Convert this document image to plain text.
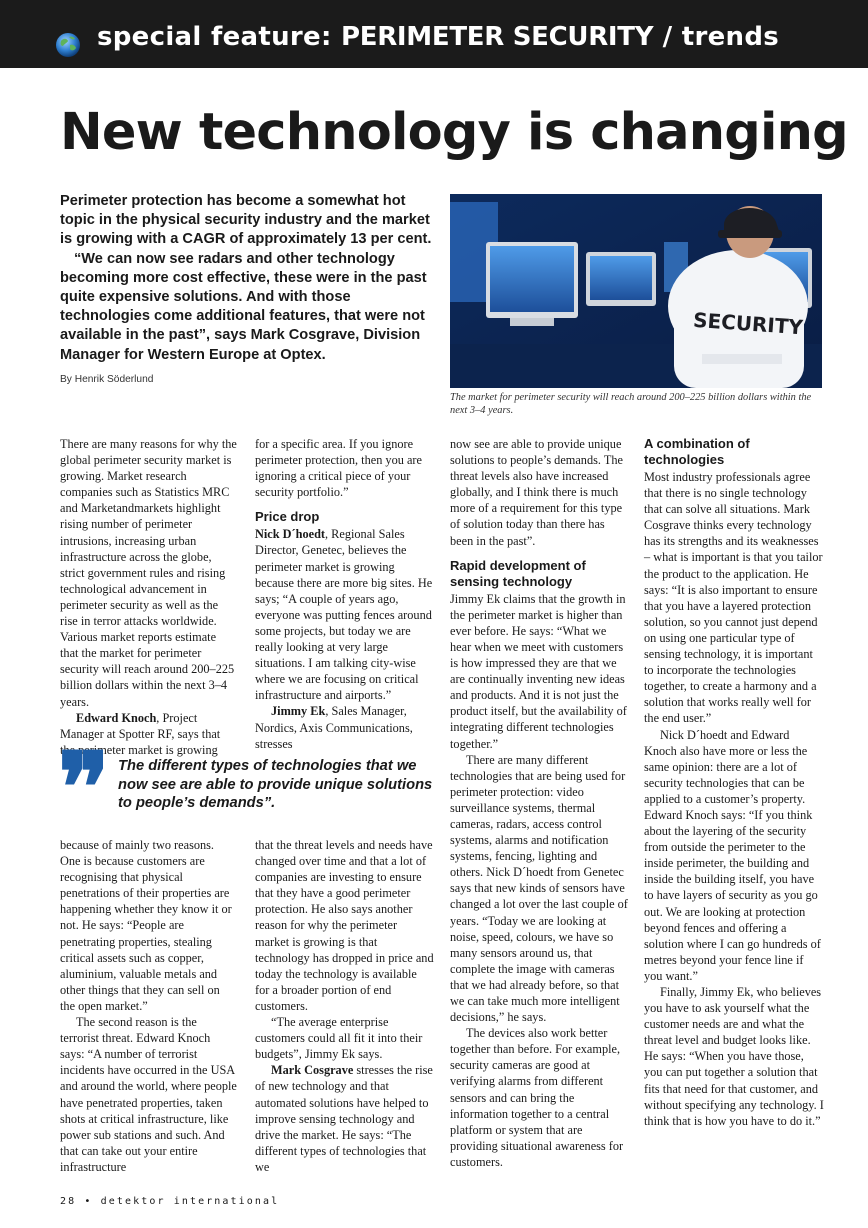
special feature: PERIMETER SECURITY / trends
New technology is changing

Perimeter protection has become a somewhat hot topic in the physical security industry and the market is growing with a CAGR of approximately 13 per cent.

“We can now see radars and other technology becoming more cost effective, these were in the past quite expensive solutions. And with those technologies come additional features, that were not available in the past”, says Mark Cosgrave, Division Manager for Western Europe at Optex.

By Henrik Söderlund
SECURITY
The market for perimeter security will reach around 200–225 billion dollars within the next 3–4 years.

There are many reasons for why the global perimeter security market is growing. Market research companies such as Statistics MRC and Marketandmarkets highlight rising number of perimeter intrusions, increasing urban infrastructure across the globe, strict government rules and rising technological advancement in perimeter security as well as the rise in terror attacks worldwide. Various market reports estimate that the market for perimeter security will reach around 200–225 billion dollars within the next 3–4 years.

Edward Knoch, Project Manager at Spotter RF, says that the perimeter market is growing

for a specific area. If you ignore perimeter protection, then you are ignoring a critical piece of your security portfolio.”

Price drop

Nick D´hoedt, Regional Sales Director, Genetec, believes the perimeter market is growing because there are more big sites. He says; “A couple of years ago, everyone was putting fences around some projects, but today we are really looking at very large situations. I am talking city-wise where we are focusing on critical infrastructure and airports.”

Jimmy Ek, Sales Manager, Nordics, Axis Communications, stresses

❞ The different types of technologies that we now see are able to provide unique solutions to people’s demands”.

because of mainly two reasons. One is because customers are recognising that physical penetrations of their properties are happening whether they know it or not. He says: “People are penetrating properties, stealing critical assets such as copper, aluminium, valuable metals and other things that they can sell on the open market.”

The second reason is the terrorist threat. Edward Knoch says: “A number of terrorist incidents have occurred in the USA and around the world, where people have penetrated properties, taken shots at critical infrastructure, like power sub stations and such. And that can take out your entire infrastructure

that the threat levels and needs have changed over time and that a lot of companies are investing to ensure that they have a good perimeter protection. He also says another reason for why the perimeter market is growing is that technology has dropped in price and today the technology is available for a broader portion of end customers.

“The average enterprise customers could all fit it into their budgets”, Jimmy Ek says.

Mark Cosgrave stresses the rise of new technology and that automated solutions have helped to improve sensing technology and drive the market. He says: “The different types of technologies that we

now see are able to provide unique solutions to people’s demands. The threat levels also have increased globally, and I think there is much more of a requirement for this type of solution today than there has been in the past”.

Rapid development of sensing technology

Jimmy Ek claims that the growth in the perimeter market is higher than ever before. He says: “What we hear when we meet with customers is how impressed they are that we are continually inventing new ideas and products. And it is not just the product itself, but the availability of integrating different technologies together.”

There are many different technologies that are being used for perimeter protection: video surveillance systems, thermal cameras, radars, access control systems, alarms and notification systems, fencing, lighting and others. Nick D´hoedt from Genetec says that new kinds of sensors have changed a lot over the last couple of years. “Today we are looking at noise, speed, colours, we have so many sensors around us, that complete the image with cameras that we had already before, so that we can take much more intelligent decisions,” he says.

The devices also work better together than before. For example, security cameras are good at verifying alarms from different sensors and can bring the information together to a central platform or system that are providing situational awareness for customers.

A combination of technologies

Most industry professionals agree that there is no single technology that can solve all situations. Mark Cosgrave thinks every technology has its strengths and its weaknesses – what is important is that you tailor the product to the application. He says: “It is also important to ensure that you have a layered protection solution, so you cannot just depend on using one particular type of sensing technology, it is important to incorporate the technologies together, to create a harmony and a solution that works really well for the end user.”

Nick D´hoedt and Edward Knoch also have more or less the same opinion: there are a lot of security technologies that can be applied to a customer’s property. Edward Knoch says: “If you think about the layering of the security from outside the perimeter to the inside perimeter, the building and inside the building itself, you have to have layers of security as you go out. We are looking at protection beyond fences and offering a solution where I can go hundreds of metres beyond your fence line if you want.”

Finally, Jimmy Ek, who believes you have to ask yourself what the customer needs are and what the threat level and budget looks like. He says: “When you have those, you can put together a solution that fits that need for that customer, and without specifying any technology. I think that is how you have to do it.”

28 • detektor international
